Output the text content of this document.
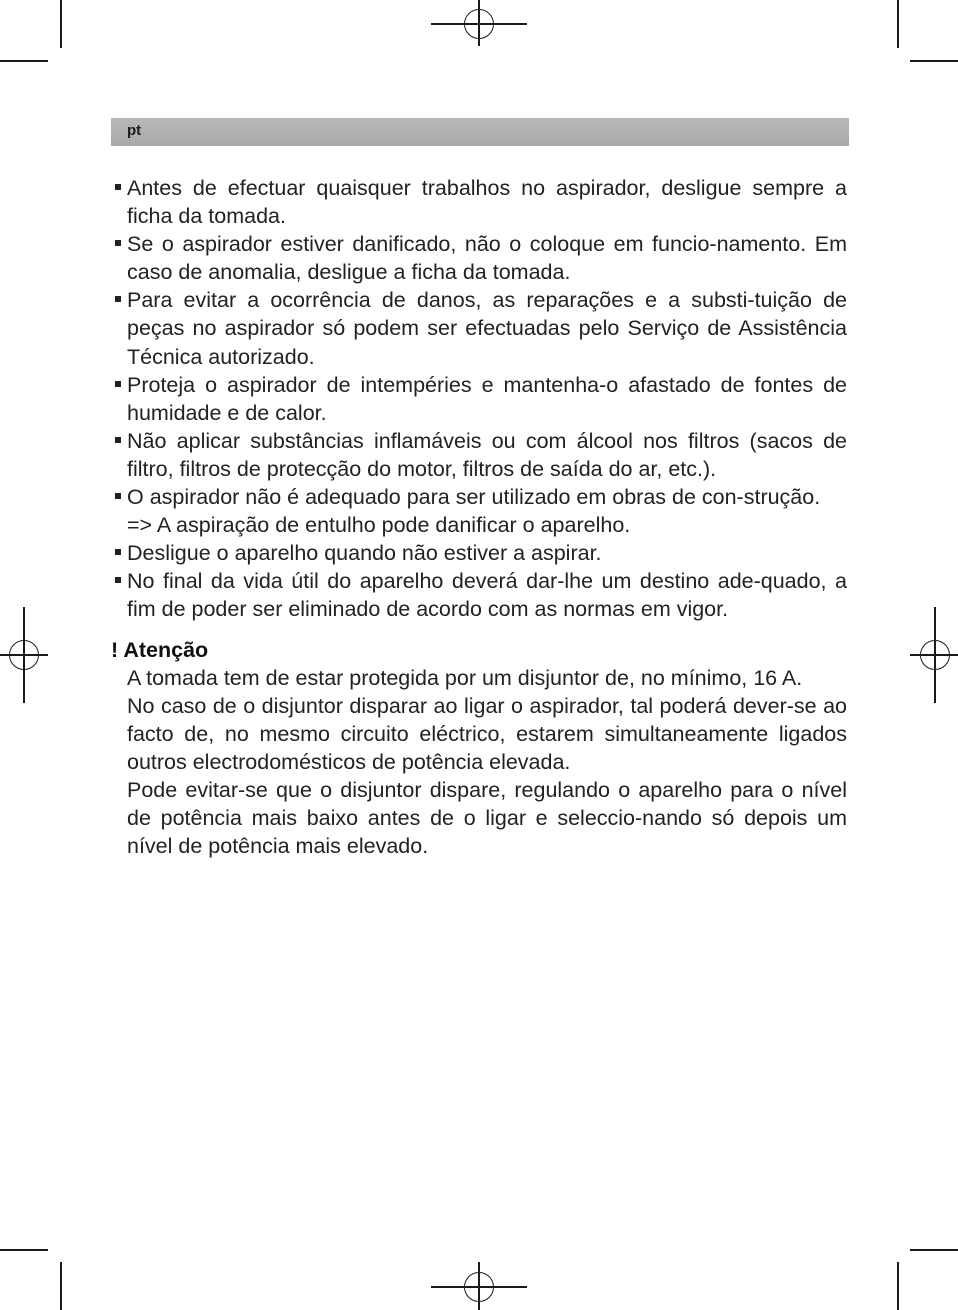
pt
Antes de efectuar quaisquer trabalhos no aspirador, desligue sempre a ficha da tomada.
Se o aspirador estiver danificado, não o coloque em funcio-namento. Em caso de anomalia, desligue a ficha da tomada.
Para evitar a ocorrência de danos, as reparações e a substi-tuição de peças no aspirador só podem ser efectuadas pelo Serviço de Assistência Técnica autorizado.
Proteja o aspirador de intempéries e mantenha-o afastado de fontes de humidade e de calor.
Não aplicar substâncias inflamáveis ou com álcool nos filtros (sacos de filtro, filtros de protecção do motor, filtros de saída do ar, etc.).
O aspirador não é adequado para ser utilizado em obras de con-strução.
=> A aspiração de entulho pode danificar o aparelho.
Desligue o aparelho quando não estiver a aspirar.
No final da vida útil do aparelho deverá dar-lhe um destino ade-quado, a fim de poder ser eliminado de acordo com as normas em vigor.
! Atenção
A tomada tem de estar protegida por um disjuntor de, no mínimo, 16 A.
No caso de o disjuntor disparar ao ligar o aspirador, tal poderá dever-se ao facto de, no mesmo circuito eléctrico, estarem simultaneamente ligados outros electrodomésticos de potência elevada.
Pode evitar-se que o disjuntor dispare, regulando o aparelho para o nível de potência mais baixo antes de o ligar e seleccio-nando só depois um nível de potência mais elevado.
